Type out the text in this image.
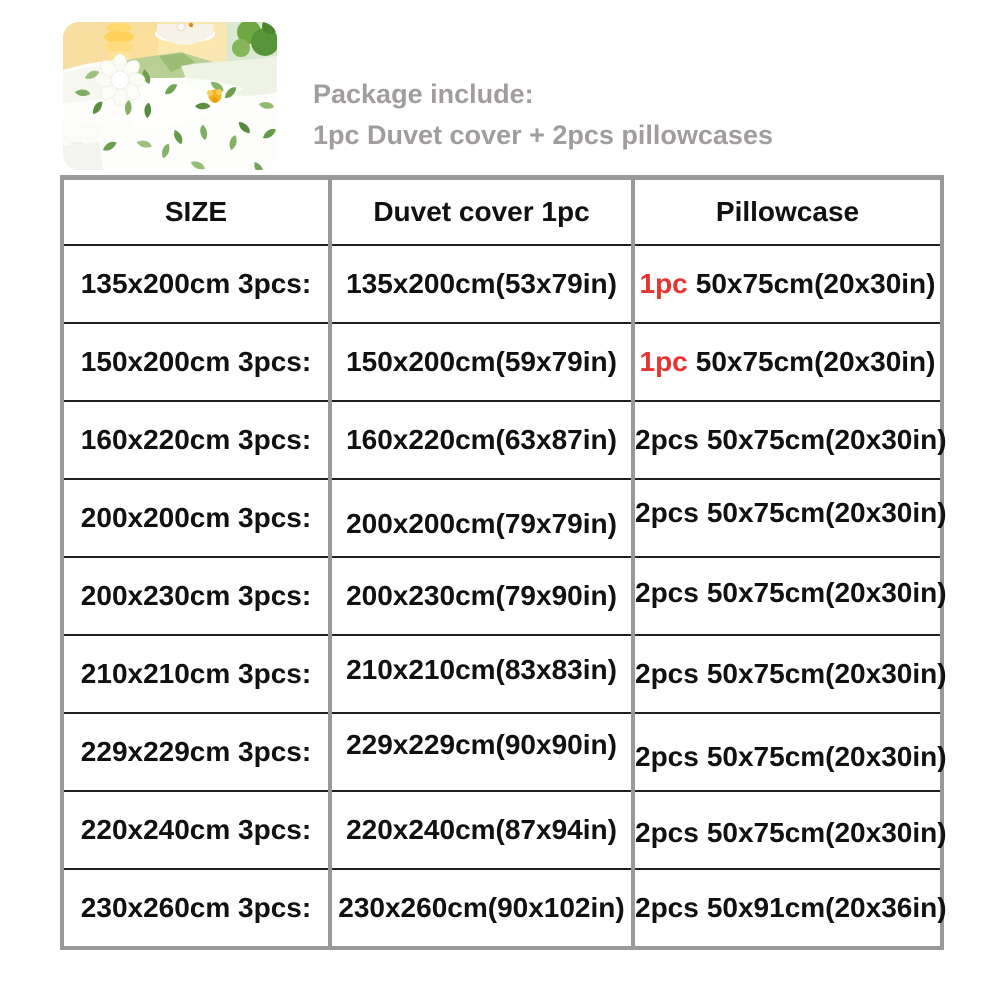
Package include:
1pc Duvet cover + 2pcs pillowcases
SIZE	Duvet cover 1pc	Pillowcase
135x200cm 3pcs:	135x200cm(53x79in)	1pc 50x75cm(20x30in)
150x200cm 3pcs:	150x200cm(59x79in)	1pc 50x75cm(20x30in)
160x220cm 3pcs:	160x220cm(63x87in)	2pcs 50x75cm(20x30in)
200x200cm 3pcs:	200x200cm(79x79in)	2pcs 50x75cm(20x30in)
200x230cm 3pcs:	200x230cm(79x90in)	2pcs 50x75cm(20x30in)
210x210cm 3pcs:	210x210cm(83x83in)	2pcs 50x75cm(20x30in)
229x229cm 3pcs:	229x229cm(90x90in)	2pcs 50x75cm(20x30in)
220x240cm 3pcs:	220x240cm(87x94in)	2pcs 50x75cm(20x30in)
230x260cm 3pcs:	230x260cm(90x102in)	2pcs 50x91cm(20x36in)
